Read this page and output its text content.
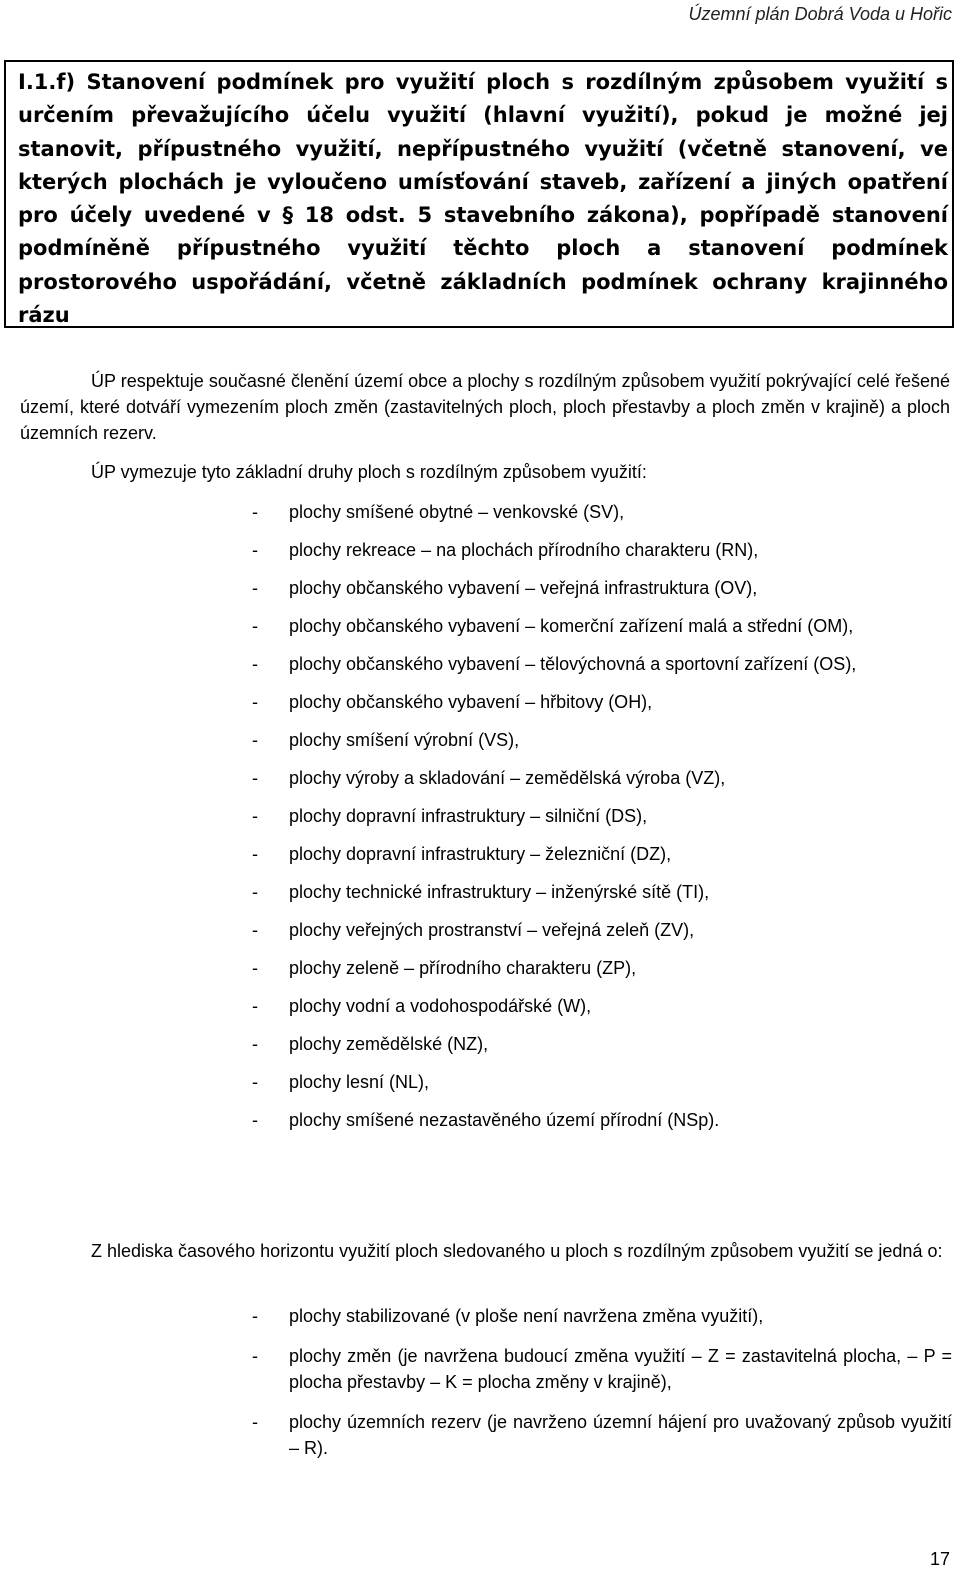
Územní plán Dobrá Voda u Hořic

I.1.f) Stanovení podmínek pro využití ploch s rozdílným způsobem využití s určením převažujícího účelu využití (hlavní využití), pokud je možné jej stanovit, přípustného využití, nepřípustného využití (včetně stanovení, ve kterých plochách je vyloučeno umísťování staveb, zařízení a jiných opatření pro účely uvedené v § 18 odst. 5 stavebního zákona), popřípadě stanovení podmíněně přípustného využití těchto ploch a stanovení podmínek prostorového uspořádání, včetně základních podmínek ochrany krajinného rázu

ÚP respektuje současné členění území obce a plochy s rozdílným způsobem využití pokrývající celé řešené území, které dotváří vymezením ploch změn (zastavitelných ploch, ploch přestavby a ploch změn v krajině) a ploch územních rezerv.

ÚP vymezuje tyto základní druhy ploch s rozdílným způsobem využití:

- plochy smíšené obytné – venkovské (SV),
- plochy rekreace – na plochách přírodního charakteru (RN),
- plochy občanského vybavení – veřejná infrastruktura (OV),
- plochy občanského vybavení – komerční zařízení malá a střední (OM),
- plochy občanského vybavení – tělovýchovná a sportovní zařízení (OS),
- plochy občanského vybavení – hřbitovy (OH),
- plochy smíšení výrobní (VS),
- plochy výroby a skladování – zemědělská výroba (VZ),
- plochy dopravní infrastruktury – silniční (DS),
- plochy dopravní infrastruktury – železniční (DZ),
- plochy technické infrastruktury – inženýrské sítě (TI),
- plochy veřejných prostranství – veřejná zeleň (ZV),
- plochy zeleně – přírodního charakteru (ZP),
- plochy vodní a vodohospodářské (W),
- plochy zemědělské (NZ),
- plochy lesní (NL),
- plochy smíšené nezastavěného území přírodní (NSp).

Z hlediska časového horizontu využití ploch sledovaného u ploch s rozdílným způsobem využití se jedná o:

- plochy stabilizované (v ploše není navržena změna využití),
- plochy změn (je navržena budoucí změna využití – Z = zastavitelná plocha, – P = plocha přestavby – K = plocha změny v krajině),
- plochy územních rezerv (je navrženo územní hájení pro uvažovaný způsob využití – R).
17
